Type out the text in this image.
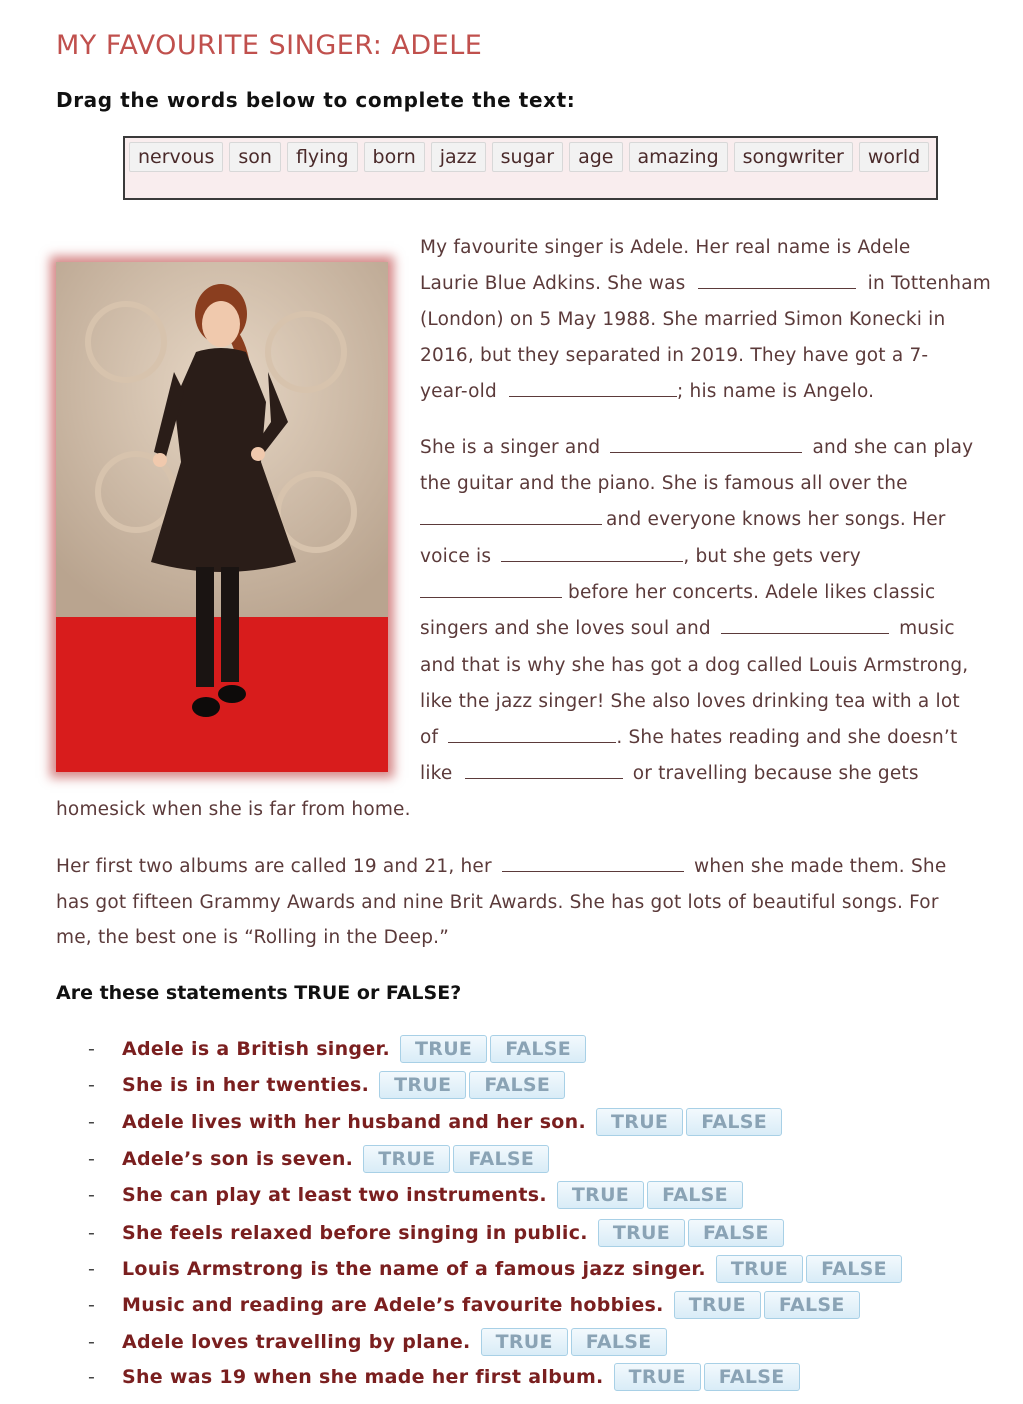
MY FAVOURITE SINGER: ADELE
Drag the words below to complete the text:
nervous	son	flying	born	jazz	sugar	age	amazing	songwriter	world
My favourite singer is Adele. Her real name is Adele
Laurie Blue Adkins. She was	in Tottenham
(London) on 5 May 1988. She married Simon Konecki in
2016, but they separated in 2019. They have got a 7-
year-old	; his name is Angelo.
She is a singer and	and she can play
the guitar and the piano. She is famous all over the
and everyone knows her songs. Her
voice is	, but she gets very
before her concerts. Adele likes classic
singers and she loves soul and	music
and that is why she has got a dog called Louis Armstrong,
like the jazz singer! She also loves drinking tea with a lot
of	. She hates reading and she doesn’t
like	or travelling because she gets
homesick when she is far from home.
Her first two albums are called 19 and 21, her	when she made them. She
has got fifteen Grammy Awards and nine Brit Awards. She has got lots of beautiful songs. For
me, the best one is “Rolling in the Deep.”
Are these statements TRUE or FALSE?
-	Adele is a British singer.	TRUE	FALSE
-	She is in her twenties.	TRUE	FALSE
-	Adele lives with her husband and her son.	TRUE	FALSE
-	Adele’s son is seven.	TRUE	FALSE
-	She can play at least two instruments.	TRUE	FALSE
-	She feels relaxed before singing in public.	TRUE	FALSE
-	Louis Armstrong is the name of a famous jazz singer.	TRUE	FALSE
-	Music and reading are Adele’s favourite hobbies.	TRUE	FALSE
-	Adele loves travelling by plane.	TRUE	FALSE
-	She was 19 when she made her first album.	TRUE	FALSE
